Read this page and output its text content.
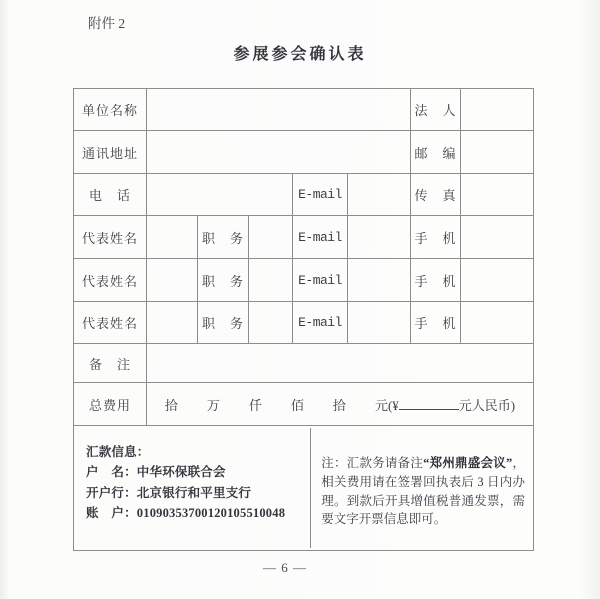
附件 2
参展参会确认表
单位名称						法　人	
通讯地址						邮　编	
电　话				E-mail		传　真	
代表姓名		职　务		E-mail		手　机	
代表姓名		职　务		E-mail		手　机	
代表姓名		职　务		E-mail		手　机	
备　注							
总费用	拾 万 仟 佰 拾 元(¥ 元人民币)						

汇款信息：
户　名：中华环保联合会
开户行：北京银行和平里支行
账　户：01090353700120105510048

注：汇款务请备注“郑州鼎盛会议”，相关费用请在签署回执表后 3 日内办理。到款后开具增值税普通发票，需要文字开票信息即可。							

— 6 —
